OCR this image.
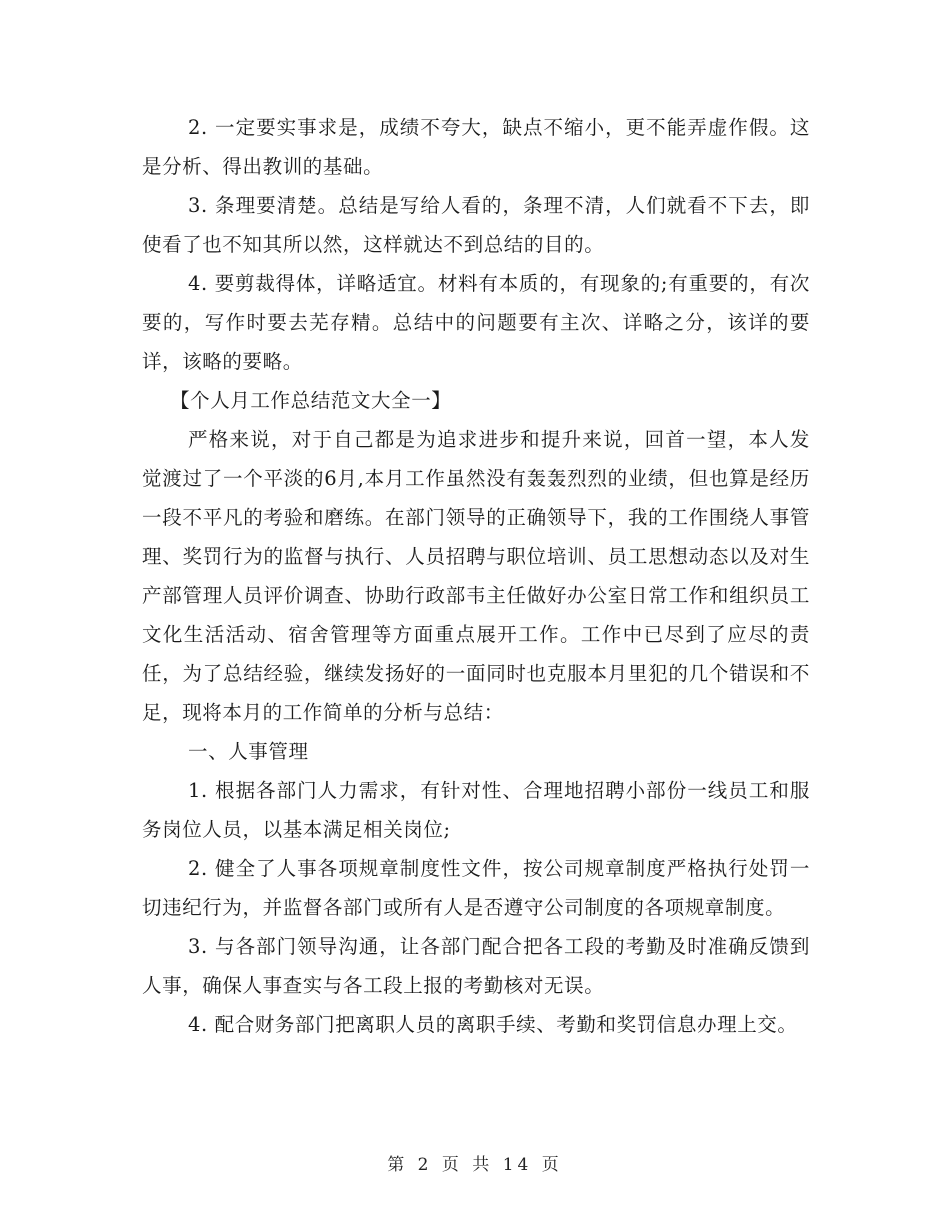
2. 一定要实事求是，成绩不夸大，缺点不缩小，更不能弄虚作假。这是分析、得出教训的基础。

3. 条理要清楚。总结是写给人看的，条理不清，人们就看不下去，即使看了也不知其所以然，这样就达不到总结的目的。

4. 要剪裁得体，详略适宜。材料有本质的，有现象的;有重要的，有次要的，写作时要去芜存精。总结中的问题要有主次、详略之分，该详的要详，该略的要略。

【个人月工作总结范文大全一】

严格来说，对于自己都是为追求进步和提升来说，回首一望，本人发觉渡过了一个平淡的6月,本月工作虽然没有轰轰烈烈的业绩，但也算是经历一段不平凡的考验和磨练。在部门领导的正确领导下，我的工作围绕人事管理、奖罚行为的监督与执行、人员招聘与职位培训、员工思想动态以及对生产部管理人员评价调查、协助行政部韦主任做好办公室日常工作和组织员工文化生活活动、宿舍管理等方面重点展开工作。工作中已尽到了应尽的责任，为了总结经验，继续发扬好的一面同时也克服本月里犯的几个错误和不足，现将本月的工作简单的分析与总结：

一、人事管理

1. 根据各部门人力需求，有针对性、合理地招聘小部份一线员工和服务岗位人员，以基本满足相关岗位;

2. 健全了人事各项规章制度性文件，按公司规章制度严格执行处罚一切违纪行为，并监督各部门或所有人是否遵守公司制度的各项规章制度。

3. 与各部门领导沟通，让各部门配合把各工段的考勤及时准确反馈到人事，确保人事查实与各工段上报的考勤核对无误。

4. 配合财务部门把离职人员的离职手续、考勤和奖罚信息办理上交。

第 2 页 共 14 页
